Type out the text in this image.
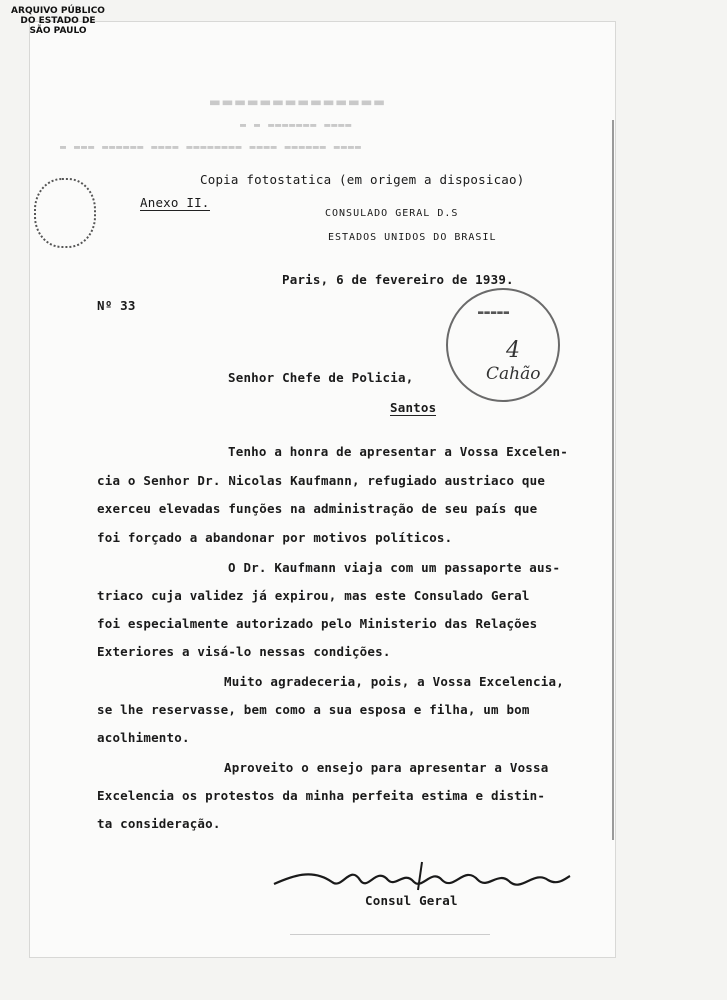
ARQUIVO PÚBLICO
DO ESTADO DE
SÃO PAULO
▬▬▬▬▬▬▬▬▬▬▬▬▬▬
▬ ▬ ▬▬▬▬▬▬▬ ▬▬▬▬
▬ ▬▬▬ ▬▬▬▬▬▬ ▬▬▬▬ ▬▬▬▬▬▬▬▬ ▬▬▬▬ ▬▬▬▬▬▬ ▬▬▬▬
Copia fotostatica (em origem a disposicao)
Anexo II.
CONSULADO GERAL D.S
ESTADOS UNIDOS DO BRASIL
Paris, 6 de fevereiro de 1939.
Nº 33	▬▬▬▬▬
4
Cahão
Senhor Chefe de Policia,
Santos
Tenho a honra de apresentar a Vossa Excelen-
cia o Senhor Dr. Nicolas Kaufmann, refugiado austriaco que
exerceu elevadas funções na administração de seu país que
foi forçado a abandonar por motivos políticos.
O Dr. Kaufmann viaja com um passaporte aus-
triaco cuja validez já expirou, mas este Consulado Geral
foi especialmente autorizado pelo Ministerio das Relações
Exteriores a visá-lo nessas condições.
Muito agradeceria, pois, a Vossa Excelencia,
se lhe reservasse, bem como a sua esposa e filha, um bom
acolhimento.
Aproveito o ensejo para apresentar a Vossa
Excelencia os protestos da minha perfeita estima e distin-
ta consideração.
Consul Geral
